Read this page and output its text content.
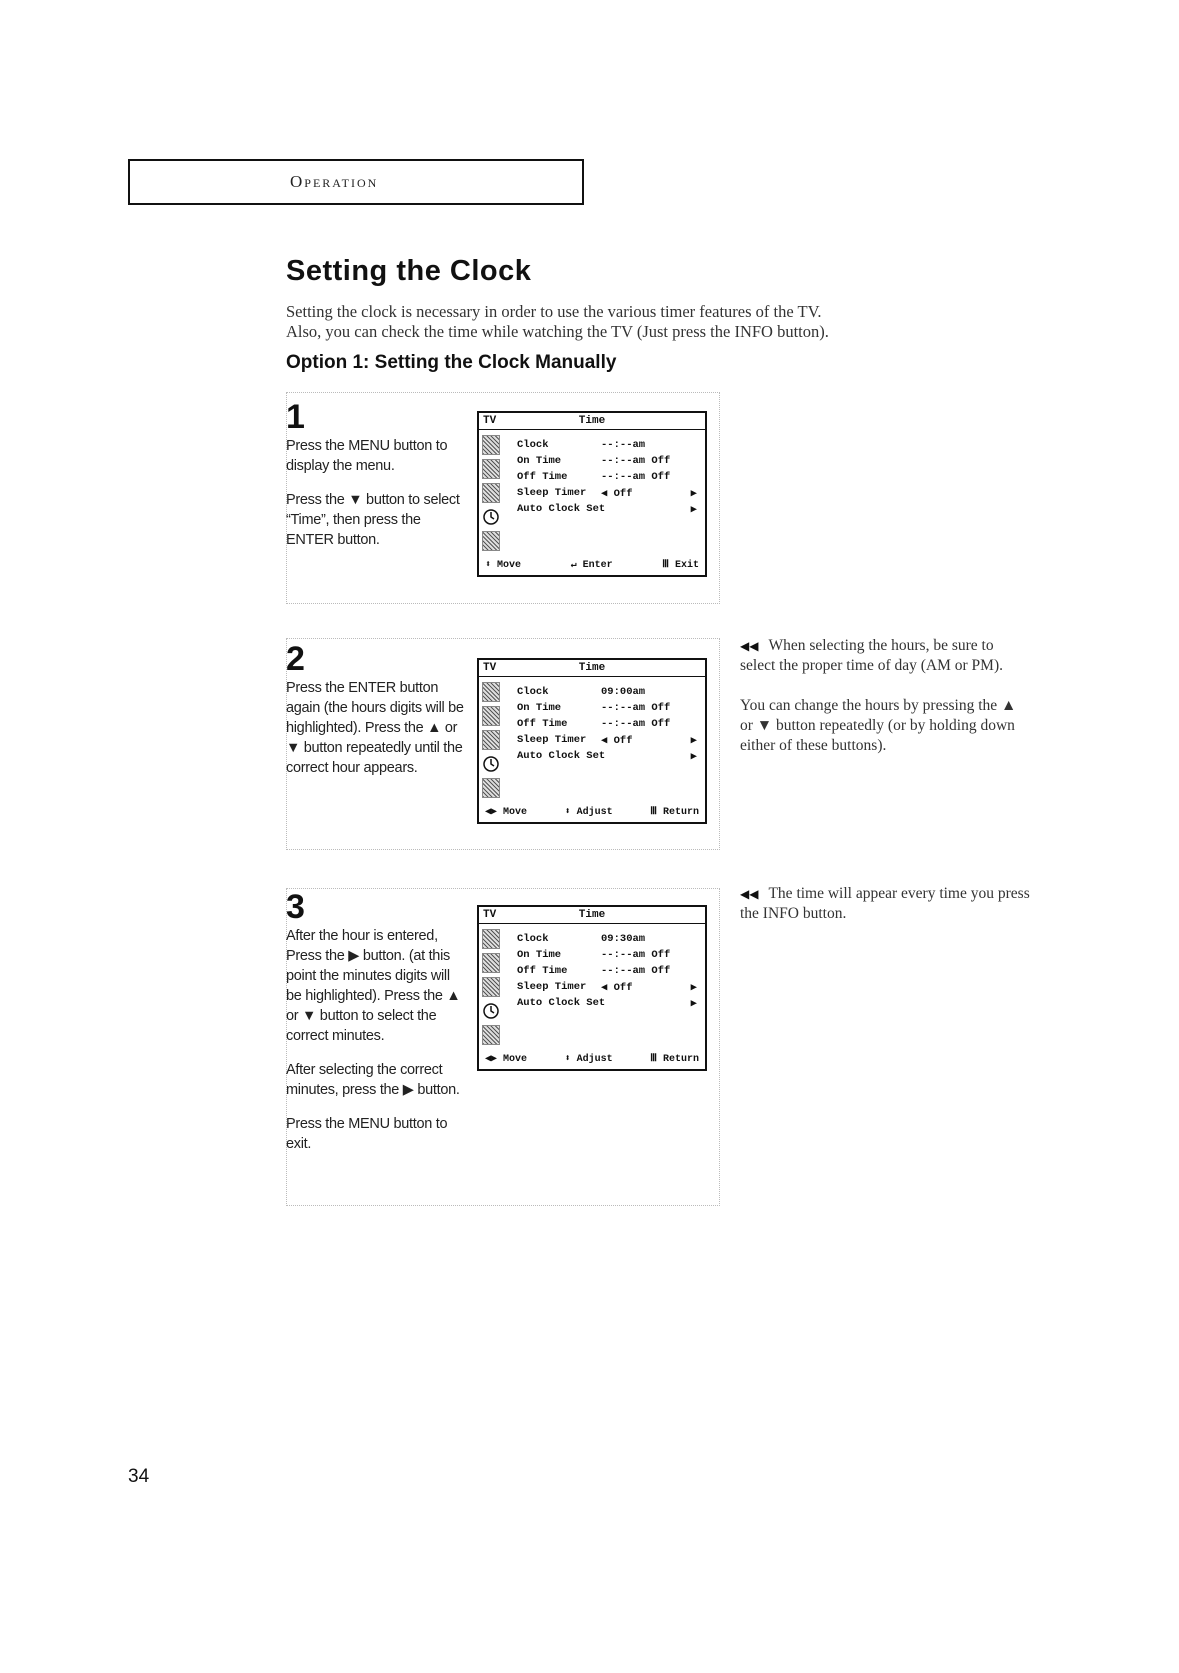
Operation
Setting the Clock
Setting the clock is necessary in order to use the various timer features of the TV.
Also, you can check the time while watching the TV (Just press the INFO button).
Option 1: Setting the Clock Manually
1

Press the MENU button to display the menu.

Press the ▼ button to select “Time”, then press the ENTER button.

TV	Time
Clock	--:--am
On Time	--:--am Off
Off Time	--:--am Off
Sleep Timer ◀ Off	▶
Auto Clock Set	▶
⬍ Move	↵ Enter	Ⅲ Exit
2

Press the ENTER button again (the hours digits will be highlighted). Press the ▲ or ▼ button repeatedly until the correct hour appears.

TV	Time
Clock	09:00am
On Time	--:--am Off
Off Time	--:--am Off
Sleep Timer ◀ Off	▶
Auto Clock Set	▶
◀▶ Move	⬍ Adjust	Ⅲ Return

◀◀ When selecting the hours, be sure to select the proper time of day (AM or PM).

You can change the hours by pressing the ▲ or ▼ button repeatedly (or by holding down either of these buttons).

3

After the hour is entered, Press the ▶ button. (at this point the minutes digits will be highlighted). Press the ▲ or ▼ button to select the correct minutes.

After selecting the correct minutes, press the ▶ button.

Press the MENU button to exit.

TV	Time
Clock	09:30am
On Time	--:--am Off
Off Time	--:--am Off
Sleep Timer ◀ Off	▶
Auto Clock Set	▶
◀▶ Move	⬍ Adjust	Ⅲ Return

◀◀ The time will appear every time you press the INFO button.

34
